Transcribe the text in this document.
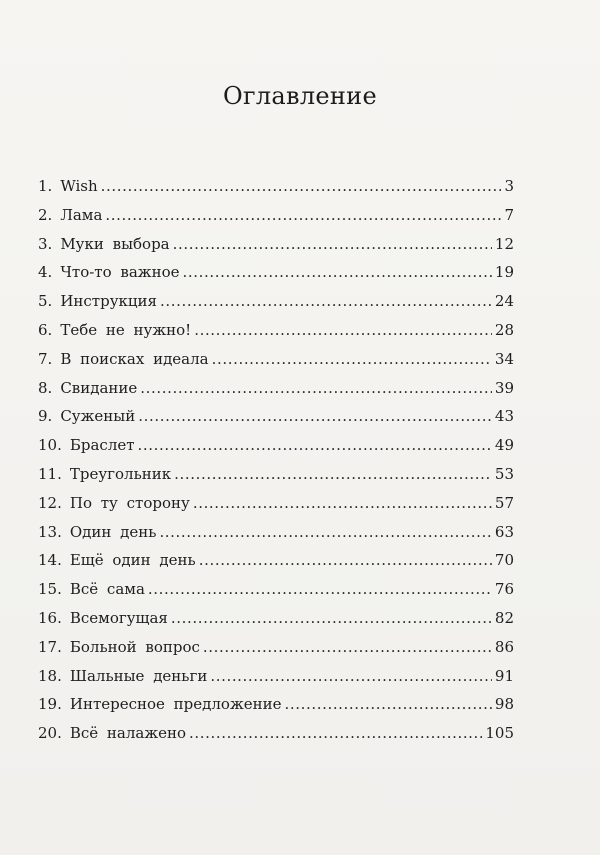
Оглавление
1. Wish .....	3
2. Лама .....	7
3. Муки выбора .....	12
4. Что-то важное .....	19
5. Инструкция .....	24
6. Тебе не нужно! .....	28
7. В поисках идеала .....	34
8. Свидание .....	39
9. Суженый .....	43
10. Браслет .....	49
11. Треугольник .....	53
12. По ту сторону .....	57
13. Один день .....	63
14. Ещё один день .....	70
15. Всё сама .....	76
16. Всемогущая .....	82
17. Больной вопрос .....	86
18. Шальные деньги .....	91
19. Интересное предложение .....	98
20. Всё налажено .....	105
